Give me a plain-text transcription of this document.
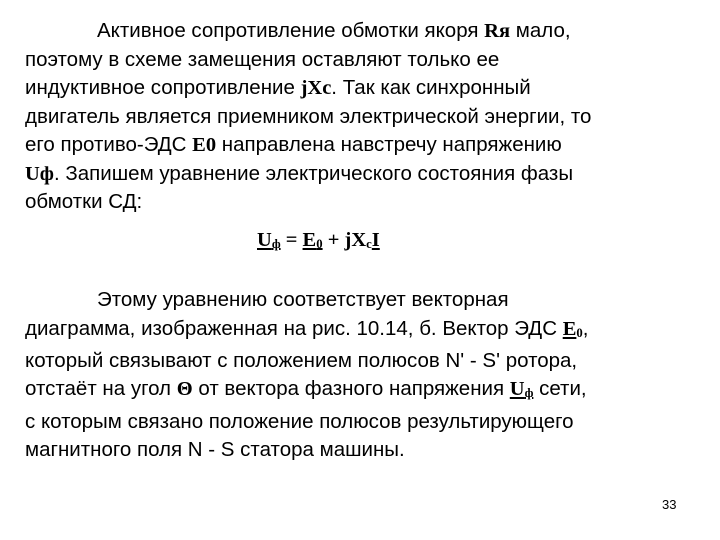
Активное сопротивление обмотки якоря Rя мало,
поэтому в схеме замещения оставляют только ее
индуктивное сопротивление jXc. Так как синхронный
двигатель является приемником электрической энергии, то
его противо-ЭДС E0 направлена навстречу напряжению
Uф. Запишем уравнение электрического состояния фазы
обмотки СД:
Uф = E0 + jXcI
Этому уравнению соответствует векторная
диаграмма, изображенная на рис. 10.14, б. Вектор ЭДС E0,
который связывают с положением полюсов N' - S' ротора,
отстаёт на угол Θ от вектора фазного напряжения Uф сети,
с которым связано положение полюсов результирующего
магнитного поля N - S статора машины.
33
